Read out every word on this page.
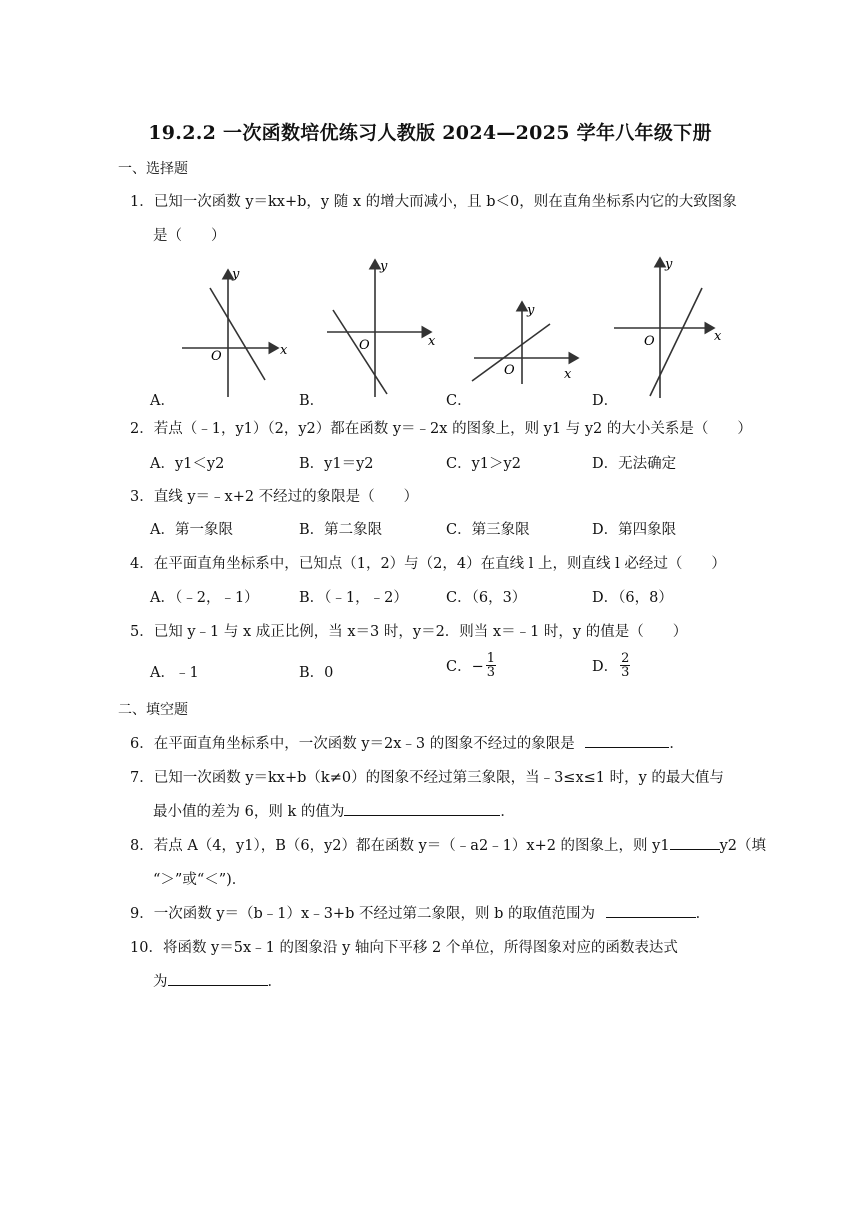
19.2.2 一次函数培优练习人教版 2024—2025 学年八年级下册
一、选择题
1．已知一次函数 y＝kx+b，y 随 x 的增大而减小，且 b＜0，则在直角坐标系内它的大致图象
是（　　）
y
x
O
A．
y
x
O
B．
y
x
O
C．
y
x
O
D．
2．若点（﹣1，y1）（2，y2）都在函数 y＝﹣2x 的图象上，则 y1 与 y2 的大小关系是（　　）
A．y1＜y2	B．y1＝y2	C．y1＞y2	D．无法确定
3．直线 y＝﹣x+2 不经过的象限是（　　）
A．第一象限	B．第二象限	C．第三象限	D．第四象限
4．在平面直角坐标系中，已知点（1，2）与（2，4）在直线 l 上，则直线 l 必经过（　　）
A．（﹣2，﹣1）	B．（﹣1，﹣2）	C．（6，3）	D．（6，8）
5．已知 y﹣1 与 x 成正比例，当 x＝3 时，y＝2．则当 x＝﹣1 时，y 的值是（　　）
A．﹣1	B．0	C．− $\frac{1}{3}$	D． $\frac{2}{3}$
二、填空题
6．在平面直角坐标系中，一次函数 y＝2x﹣3 的图象不经过的象限是	．
7．已知一次函数 y＝kx+b（k≠0）的图象不经过第三象限，当﹣3≤x≤1 时，y 的最大值与
最小值的差为 6，则 k 的值为	．
8．若点 A（4，y1），B（6，y2）都在函数 y＝（﹣a2﹣1）x+2 的图象上，则 y1	y2（填
“＞”或“＜”)．
9．一次函数 y＝（b﹣1）x﹣3+b 不经过第二象限，则 b 的取值范围为	．
10．将函数 y＝5x﹣1 的图象沿 y 轴向下平移 2 个单位，所得图象对应的函数表达式
为	．
